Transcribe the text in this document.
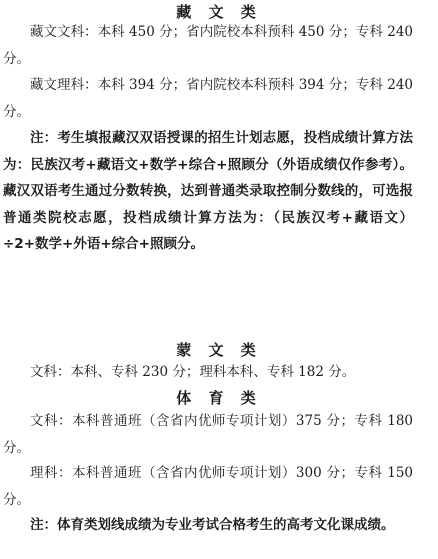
藏 文 类

藏文文科：本科 450 分；省内院校本科预科 450 分；专科 240 分。

藏文理科：本科 394 分；省内院校本科预科 394 分；专科 240 分。

注：考生填报藏汉双语授课的招生计划志愿，投档成绩计算方法为：民族汉考+藏语文+数学+综合+照顾分（外语成绩仅作参考）。藏汉双语考生通过分数转换，达到普通类录取控制分数线的，可选报普通类院校志愿，投档成绩计算方法为：（民族汉考+藏语文）÷2+数学+外语+综合+照顾分。

蒙 文 类

文科：本科、专科 230 分；理科本科、专科 182 分。

体 育 类

文科：本科普通班（含省内优师专项计划）375 分；专科 180 分。

理科：本科普通班（含省内优师专项计划）300 分；专科 150 分。

注：体育类划线成绩为专业考试合格考生的高考文化课成绩。
